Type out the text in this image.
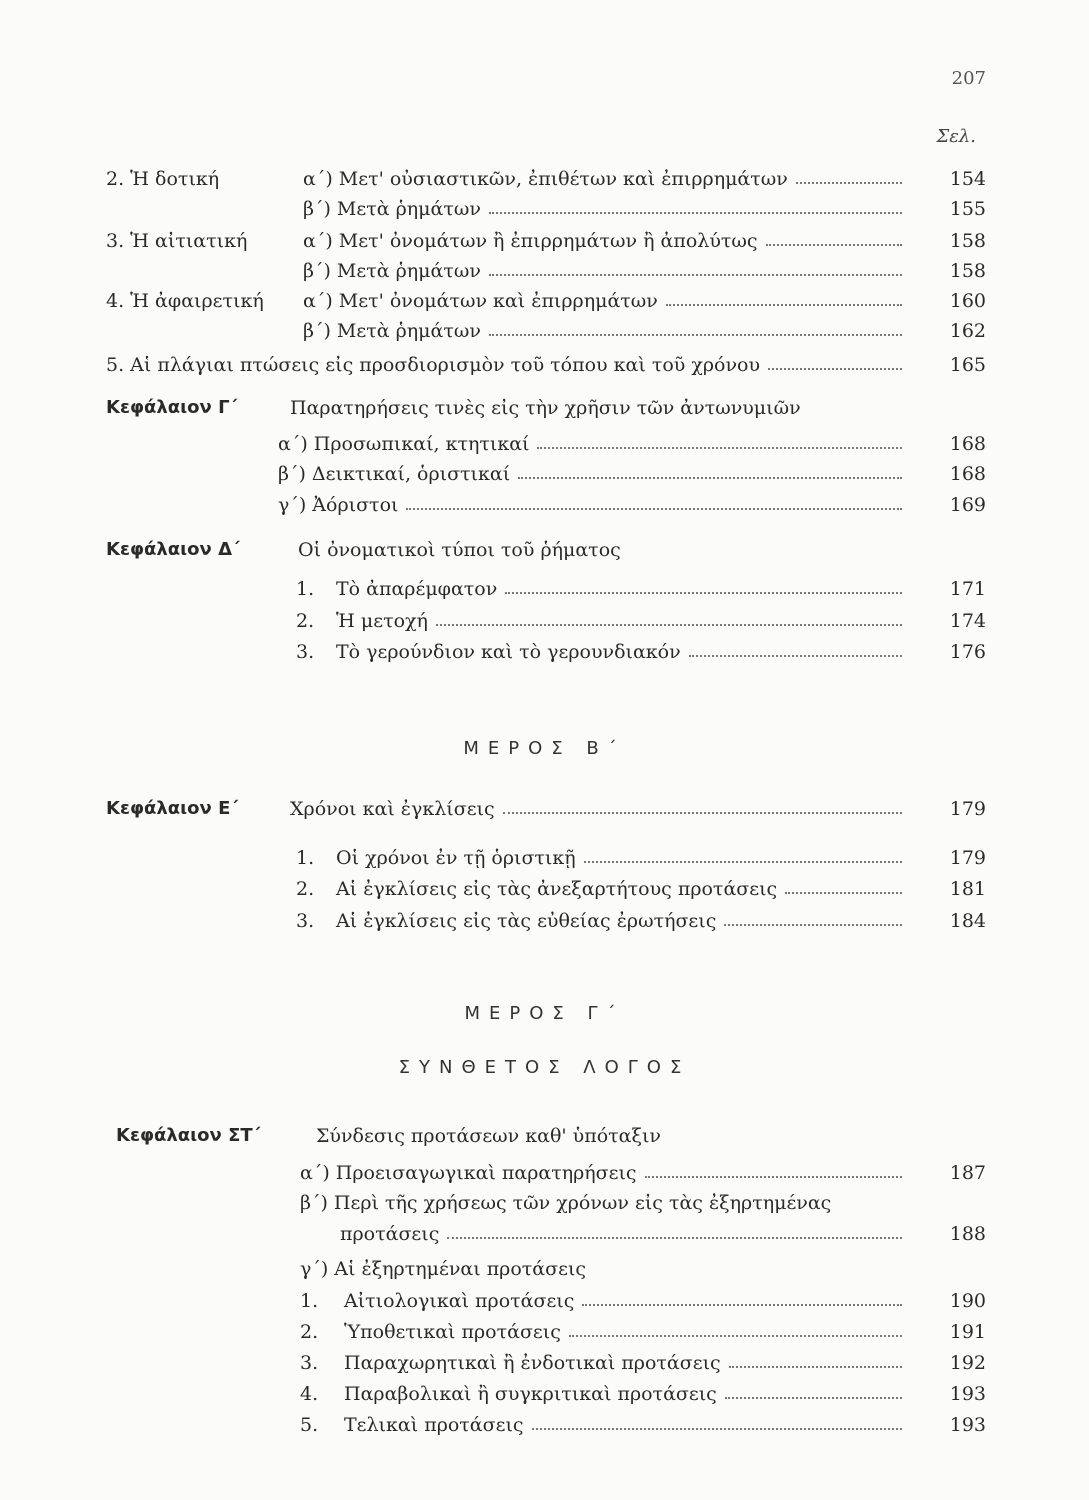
207
Σελ.
2. Ἡ δοτική	α΄) Μετ' οὐσιαστικῶν, ἐπιθέτων καὶ ἐπιρρημάτων	154
β΄) Μετὰ ῥημάτων	155
3. Ἡ αἰτιατική	α΄) Μετ' ὀνομάτων ἢ ἐπιρρημάτων ἢ ἀπολύτως	158
β΄) Μετὰ ῥημάτων	158
4. Ἡ ἀφαιρετική α΄) Μετ' ὀνομάτων καὶ ἐπιρρημάτων	160
β΄) Μετὰ ῥημάτων	162
5. Αἱ πλάγιαι πτώσεις εἰς προσδιορισμὸν τοῦ τόπου καὶ τοῦ χρόνου	165
Κεφάλαιον Γ΄	Παρατηρήσεις τινὲς εἰς τὴν χρῆσιν τῶν ἀντωνυμιῶν
α΄) Προσωπικαί, κτητικαί	168
β΄) Δεικτικαί, ὁριστικαί	168
γ΄) Ἀόριστοι	169
Κεφάλαιον Δ΄	Οἱ ὀνοματικοὶ τύποι τοῦ ῥήματος
1. Τὸ ἀπαρέμφατον	171
2. Ἡ μετοχή	174
3. Τὸ γερούνδιον καὶ τὸ γερουνδιακόν	176
Κεφάλαιον Ε΄	Χρόνοι καὶ ἐγκλίσεις	179
1. Οἱ χρόνοι ἐν τῇ ὁριστικῇ	179
2. Αἱ ἐγκλίσεις εἰς τὰς ἀνεξαρτήτους προτάσεις	181
3. Αἱ ἐγκλίσεις εἰς τὰς εὐθείας ἐρωτήσεις	184
Κεφάλαιον ΣΤ΄	Σύνδεσις προτάσεων καθ' ὑπόταξιν
α΄) Προεισαγωγικαὶ παρατηρήσεις	187
β΄) Περὶ τῆς χρήσεως τῶν χρόνων εἰς τὰς ἐξηρτημένας
προτάσεις	188
γ΄) Αἱ ἐξηρτημέναι προτάσεις
1. Αἰτιολογικαὶ προτάσεις	190
2. Ὑποθετικαὶ προτάσεις	191
3. Παραχωρητικαὶ ἢ ἐνδοτικαὶ προτάσεις	192
4. Παραβολικαὶ ἢ συγκριτικαὶ προτάσεις	193
5. Τελικαὶ προτάσεις	193
ΜΕΡΟΣ Β΄
ΜΕΡΟΣ Γ΄
ΣΥΝΘΕΤΟΣ ΛΟΓΟΣ
